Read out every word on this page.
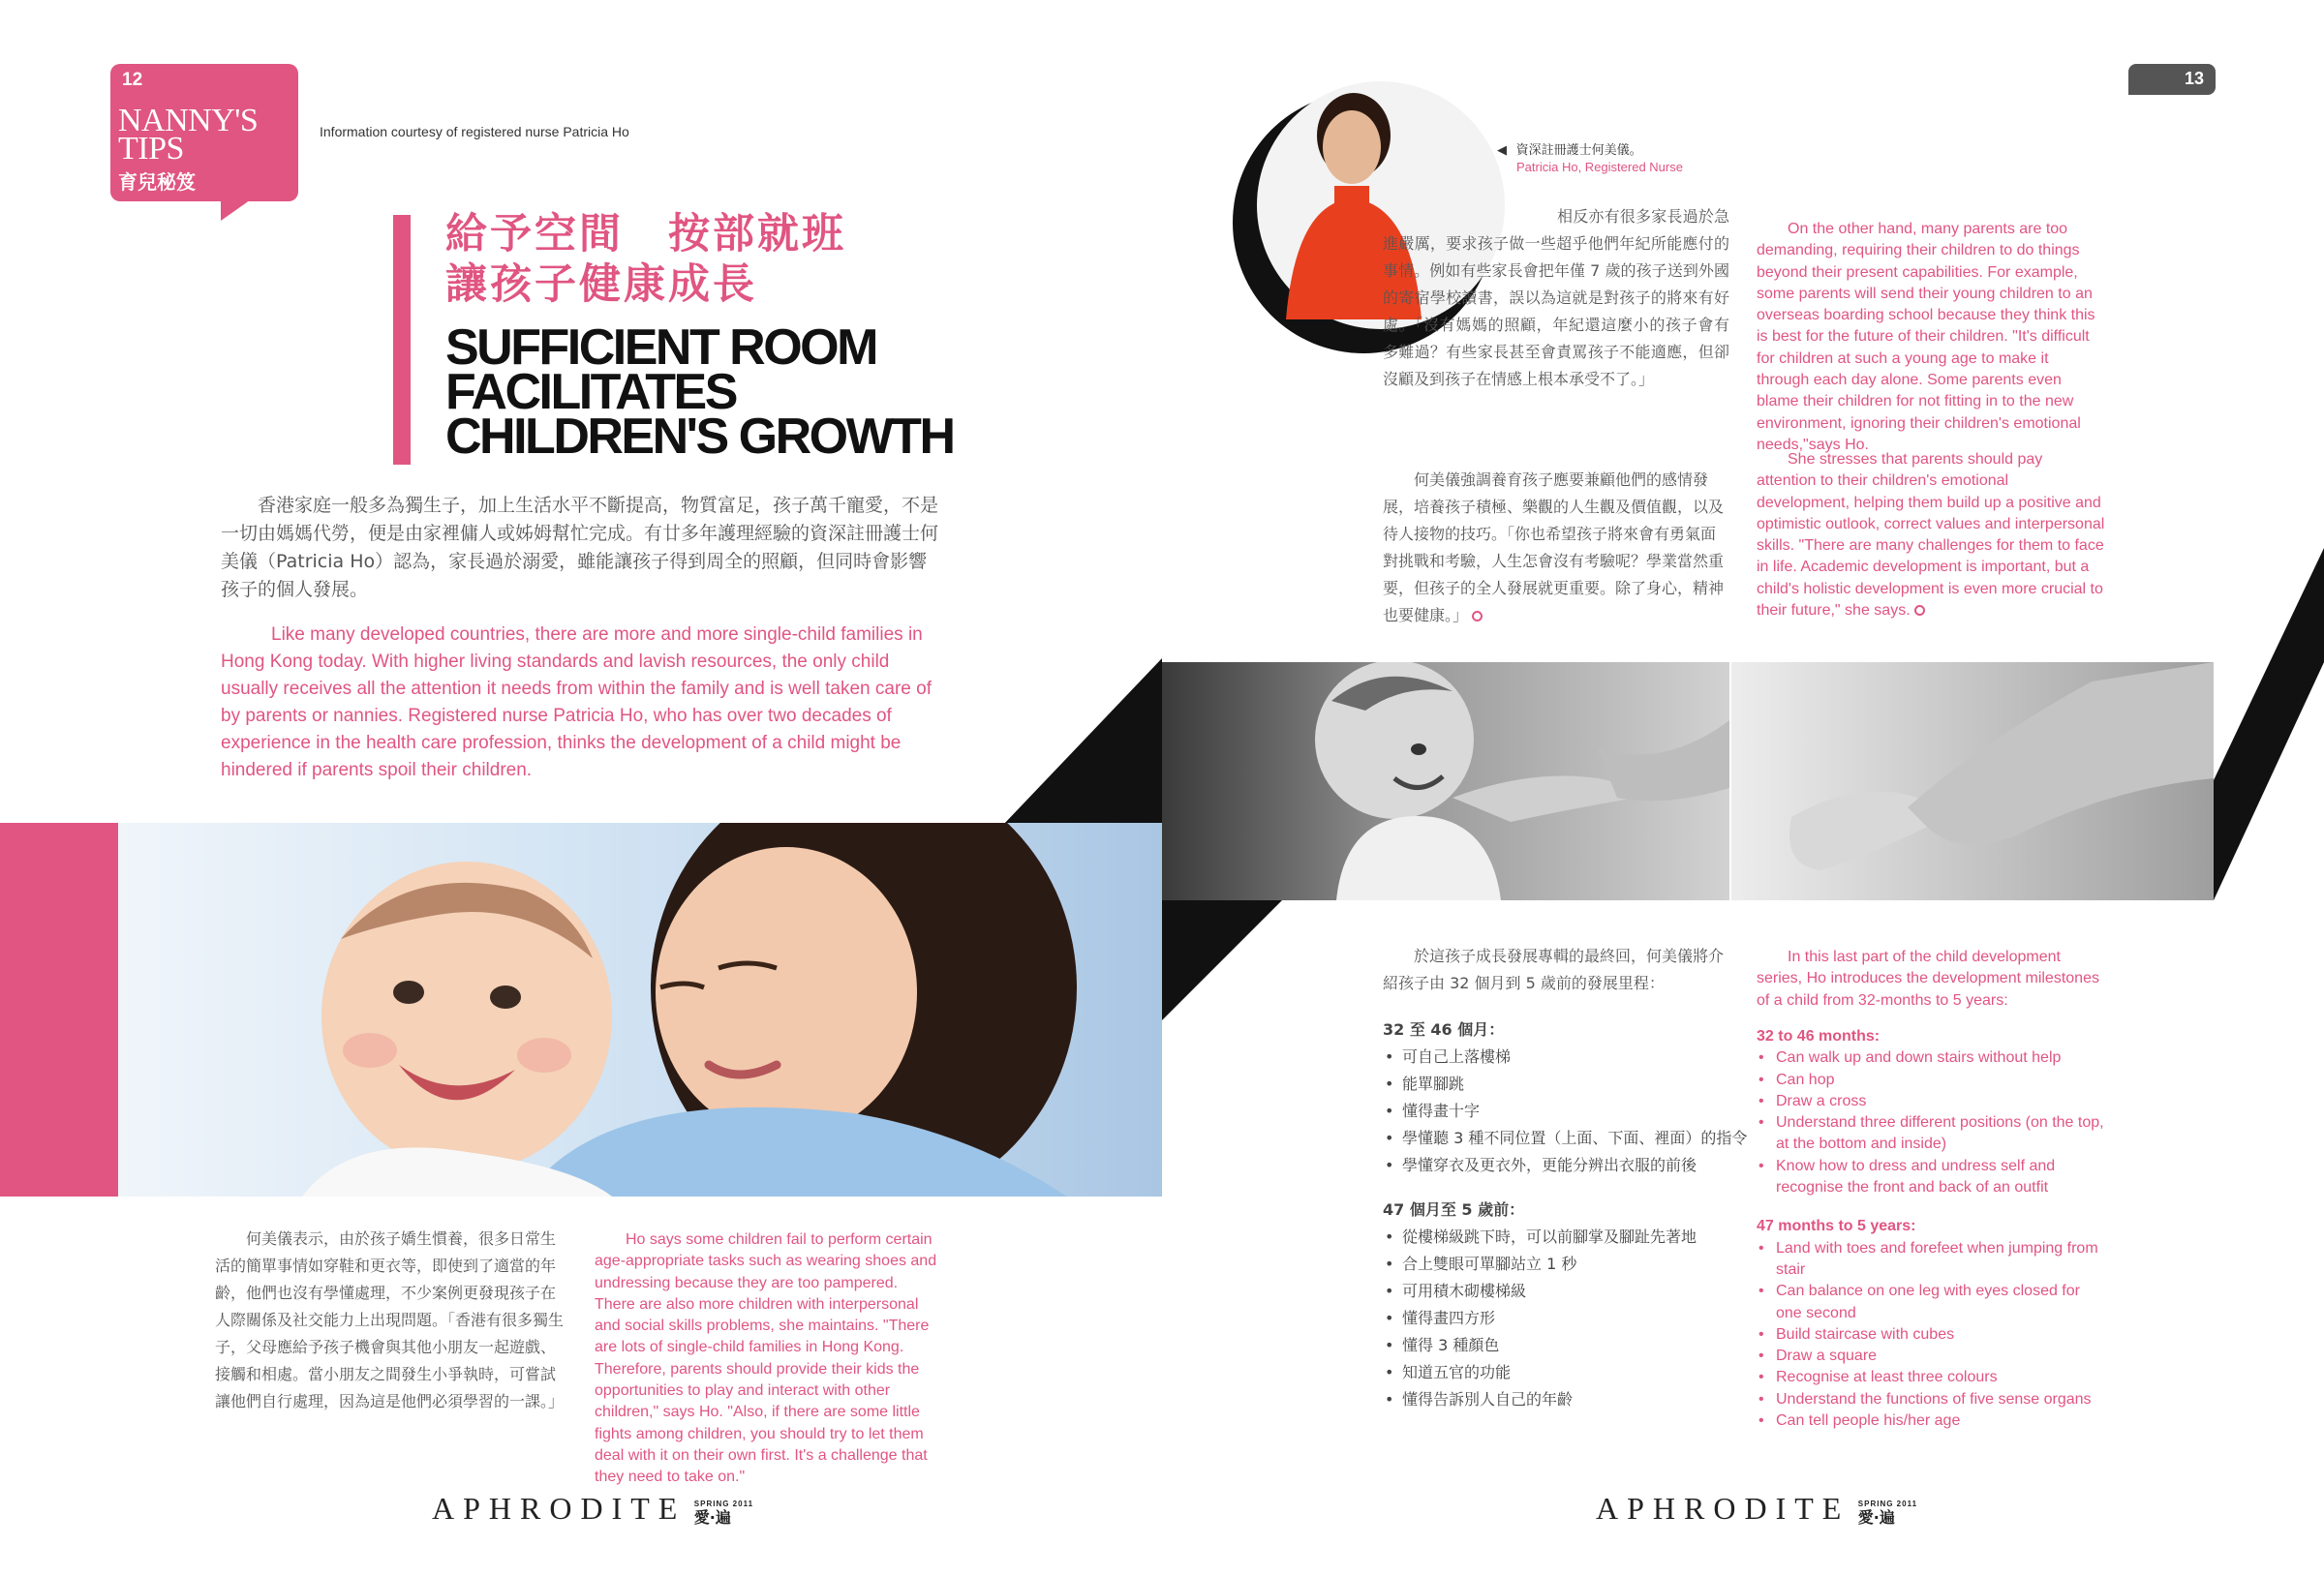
12
NANNY'S
TIPS
育兒秘笈
Information courtesy of registered nurse Patricia Ho
給予空間　按部就班
讓孩子健康成長
SUFFICIENT ROOM
FACILITATES
CHILDREN'S GROWTH
香港家庭一般多為獨生子，加上生活水平不斷提高，物質富足，孩子萬千寵愛，不是一切由媽媽代勞，便是由家裡傭人或姊姆幫忙完成。有廿多年護理經驗的資深註冊護士何美儀（Patricia Ho）認為，家長過於溺愛，雖能讓孩子得到周全的照顧，但同時會影響孩子的個人發展。
Like many developed countries, there are more and more single-child families in Hong Kong today. With higher living standards and lavish resources, the only child usually receives all the attention it needs from within the family and is well taken care of by parents or nannies. Registered nurse Patricia Ho, who has over two decades of experience in the health care profession, thinks the development of a child might be hindered if parents spoil their children.
何美儀表示，由於孩子嬌生慣養，很多日常生活的簡單事情如穿鞋和更衣等，即使到了適當的年齡，他們也沒有學懂處理，不少案例更發現孩子在人際關係及社交能力上出現問題。「香港有很多獨生子，父母應給予孩子機會與其他小朋友一起遊戲、接觸和相處。當小朋友之間發生小爭執時，可嘗試讓他們自行處理，因為這是他們必須學習的一課。」
Ho says some children fail to perform certain age-appropriate tasks such as wearing shoes and undressing because they are too pampered. There are also more children with interpersonal and social skills problems, she maintains. "There are lots of single-child families in Hong Kong. Therefore, parents should provide their kids the opportunities to play and interact with other children," says Ho. "Also, if there are some little fights among children, you should try to let them deal with it on their own first. It's a challenge that they need to take on."
APHRODITE SPRING 2011
愛·遍
13
◀ 資深註冊護士何美儀。
Patricia Ho, Registered Nurse
相反亦有很多家長過於急進嚴厲，要求孩子做一些超乎他們年紀所能應付的事情。例如有些家長會把年僅 7 歲的孩子送到外國的寄宿學校讀書，誤以為這就是對孩子的將來有好處。「沒有媽媽的照顧，年紀還這麼小的孩子會有多難過？有些家長甚至會責罵孩子不能適應，但卻沒顧及到孩子在情感上根本承受不了。」
何美儀強調養育孩子應要兼顧他們的感情發展，培養孩子積極、樂觀的人生觀及價值觀，以及待人接物的技巧。「你也希望孩子將來會有勇氣面對挑戰和考驗，人生怎會沒有考驗呢？學業當然重要，但孩子的全人發展就更重要。除了身心，精神也要健康。」
On the other hand, many parents are too demanding, requiring their children to do things beyond their present capabilities. For example, some parents will send their young children to an overseas boarding school because they think this is best for the future of their children. "It's difficult for children at such a young age to make it through each day alone. Some parents even blame their children for not fitting in to the new environment, ignoring their children's emotional needs,"says Ho.
She stresses that parents should pay attention to their children's emotional development, helping them build up a positive and optimistic outlook, correct values and interpersonal skills. "There are many challenges for them to face in life. Academic development is important, but a child's holistic development is even more crucial to their future," she says.
於這孩子成長發展專輯的最終回，何美儀將介紹孩子由 32 個月到 5 歲前的發展里程：
32 至 46 個月：
• 可自己上落樓梯
• 能單腳跳
• 懂得畫十字
• 學懂聽 3 種不同位置（上面、下面、裡面）的指令
• 學懂穿衣及更衣外，更能分辨出衣服的前後
47 個月至 5 歲前：
• 從樓梯級跳下時，可以前腳掌及腳趾先著地
• 合上雙眼可單腳站立 1 秒
• 可用積木砌樓梯級
• 懂得畫四方形
• 懂得 3 種顏色
• 知道五官的功能
• 懂得告訴別人自己的年齡
In this last part of the child development series, Ho introduces the development milestones of a child from 32-months to 5 years:
32 to 46 months:
• Can walk up and down stairs without help
• Can hop
• Draw a cross
• Understand three different positions (on the top, at the bottom and inside)
• Know how to dress and undress self and recognise the front and back of an outfit
47 months to 5 years:
• Land with toes and forefeet when jumping from stair
• Can balance on one leg with eyes closed for one second
• Build staircase with cubes
• Draw a square
• Recognise at least three colours
• Understand the functions of five sense organs
• Can tell people his/her age
APHRODITE SPRING 2011
愛·遍
